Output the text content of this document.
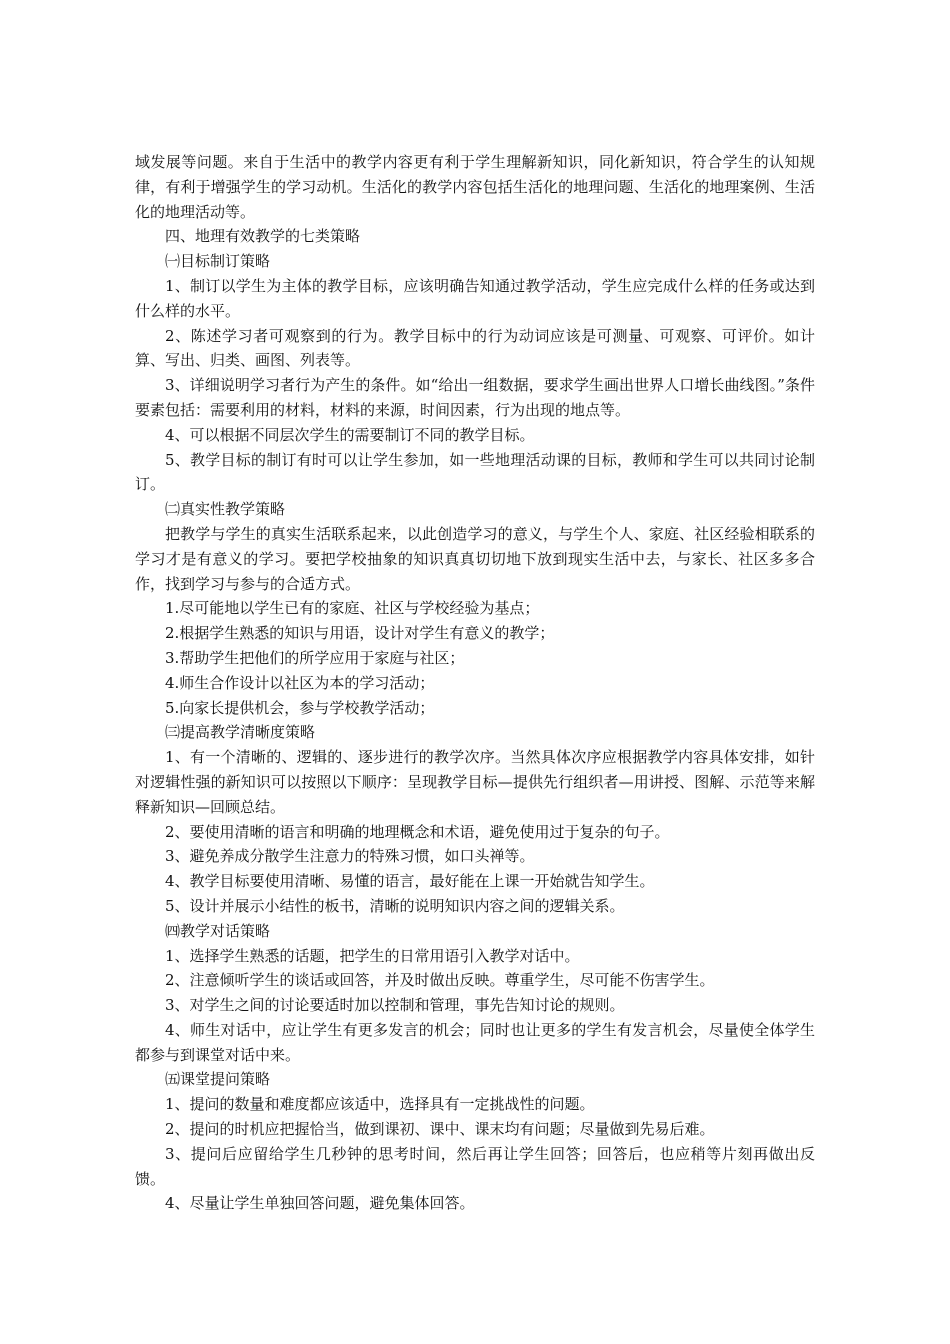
域发展等问题。来自于生活中的教学内容更有利于学生理解新知识，同化新知识，符合学生的认知规律，有利于增强学生的学习动机。生活化的教学内容包括生活化的地理问题、生活化的地理案例、生活化的地理活动等。

四、地理有效教学的七类策略

㈠目标制订策略

1、制订以学生为主体的教学目标，应该明确告知通过教学活动，学生应完成什么样的任务或达到什么样的水平。

2、陈述学习者可观察到的行为。教学目标中的行为动词应该是可测量、可观察、可评价。如计算、写出、归类、画图、列表等。

3、详细说明学习者行为产生的条件。如“给出一组数据，要求学生画出世界人口增长曲线图。”条件要素包括：需要利用的材料，材料的来源，时间因素，行为出现的地点等。

4、可以根据不同层次学生的需要制订不同的教学目标。

5、教学目标的制订有时可以让学生参加，如一些地理活动课的目标，教师和学生可以共同讨论制订。

㈡真实性教学策略

把教学与学生的真实生活联系起来，以此创造学习的意义，与学生个人、家庭、社区经验相联系的学习才是有意义的学习。要把学校抽象的知识真真切切地下放到现实生活中去，与家长、社区多多合作，找到学习与参与的合适方式。

1.尽可能地以学生已有的家庭、社区与学校经验为基点；

2.根据学生熟悉的知识与用语，设计对学生有意义的教学；

3.帮助学生把他们的所学应用于家庭与社区；

4.师生合作设计以社区为本的学习活动；

5.向家长提供机会，参与学校教学活动；

㈢提高教学清晰度策略

1、有一个清晰的、逻辑的、逐步进行的教学次序。当然具体次序应根据教学内容具体安排，如针对逻辑性强的新知识可以按照以下顺序：呈现教学目标—提供先行组织者—用讲授、图解、示范等来解释新知识—回顾总结。

2、要使用清晰的语言和明确的地理概念和术语，避免使用过于复杂的句子。

3、避免养成分散学生注意力的特殊习惯，如口头禅等。

4、教学目标要使用清晰、易懂的语言，最好能在上课一开始就告知学生。

5、设计并展示小结性的板书，清晰的说明知识内容之间的逻辑关系。

㈣教学对话策略

1、选择学生熟悉的话题，把学生的日常用语引入教学对话中。

2、注意倾听学生的谈话或回答，并及时做出反映。尊重学生，尽可能不伤害学生。

3、对学生之间的讨论要适时加以控制和管理，事先告知讨论的规则。

4、师生对话中，应让学生有更多发言的机会；同时也让更多的学生有发言机会，尽量使全体学生都参与到课堂对话中来。

㈤课堂提问策略

1、提问的数量和难度都应该适中，选择具有一定挑战性的问题。

2、提问的时机应把握恰当，做到课初、课中、课末均有问题；尽量做到先易后难。

3、提问后应留给学生几秒钟的思考时间，然后再让学生回答；回答后，也应稍等片刻再做出反馈。

4、尽量让学生单独回答问题，避免集体回答。
